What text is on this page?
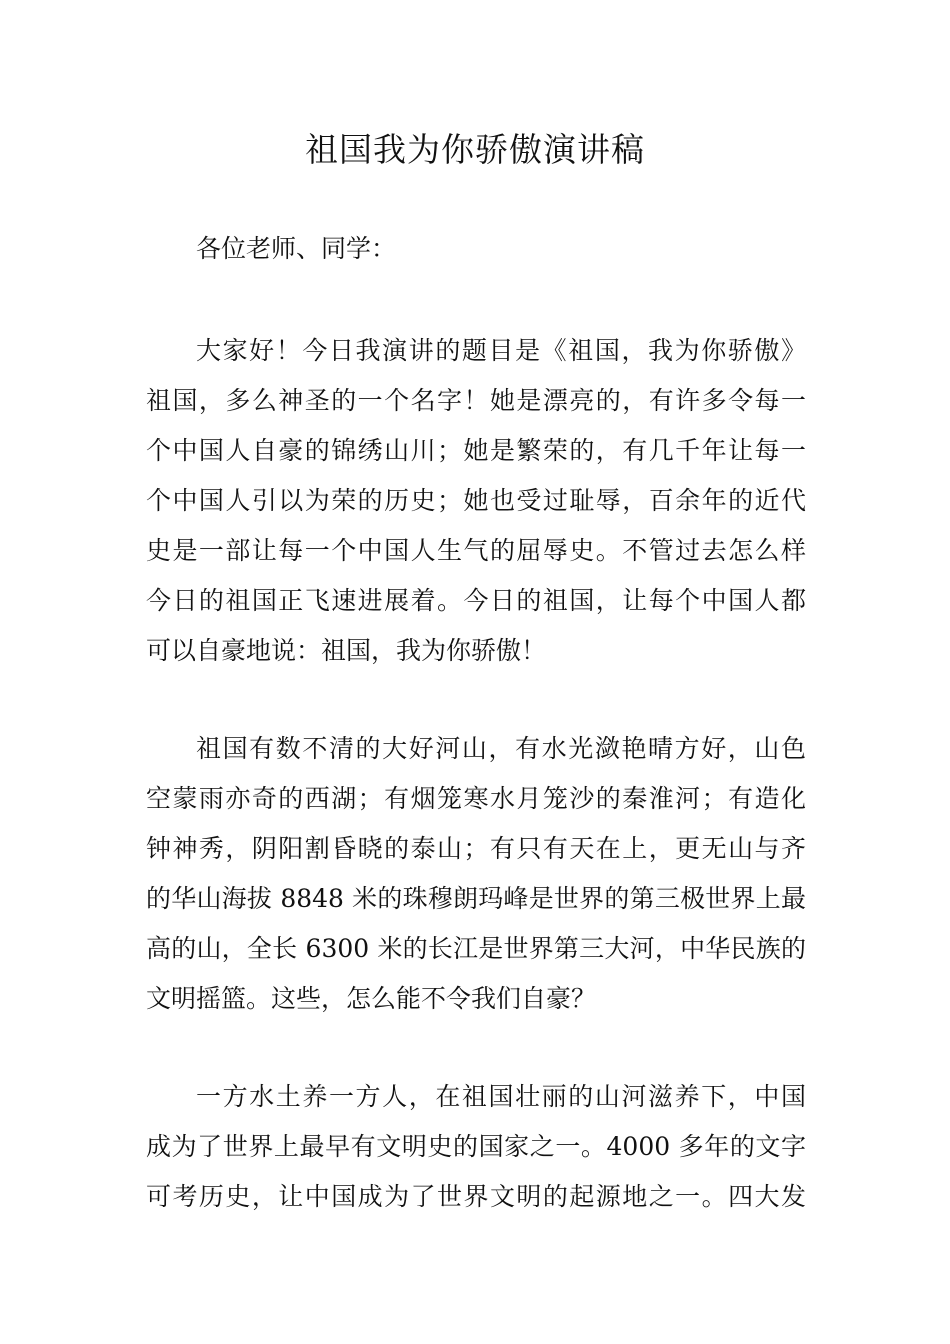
祖国我为你骄傲演讲稿

各位老师、同学：

大家好！今日我演讲的题目是《祖国，我为你骄傲》

祖国，多么神圣的一个名字！她是漂亮的，有许多令每一

个中国人自豪的锦绣山川；她是繁荣的，有几千年让每一

个中国人引以为荣的历史；她也受过耻辱，百余年的近代

史是一部让每一个中国人生气的屈辱史。不管过去怎么样

今日的祖国正飞速进展着。今日的祖国，让每个中国人都

可以自豪地说：祖国，我为你骄傲！

祖国有数不清的大好河山，有水光潋艳晴方好，山色

空蒙雨亦奇的西湖；有烟笼寒水月笼沙的秦淮河；有造化

钟神秀，阴阳割昏晓的泰山；有只有天在上，更无山与齐

的华山海拔 8848 米的珠穆朗玛峰是世界的第三极世界上最

高的山，全长 6300 米的长江是世界第三大河，中华民族的

文明摇篮。这些，怎么能不令我们自豪？

一方水土养一方人，在祖国壮丽的山河滋养下，中国

成为了世界上最早有文明史的国家之一。4000 多年的文字

可考历史，让中国成为了世界文明的起源地之一。四大发
